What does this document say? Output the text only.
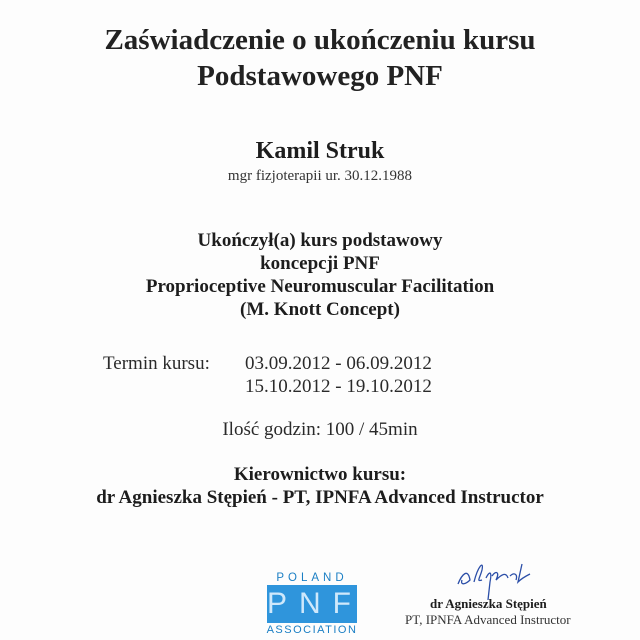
Zaświadczenie o ukończeniu kursu
Podstawowego PNF
Kamil Struk
mgr fizjoterapii ur. 30.12.1988
Ukończył(a) kurs podstawowy
koncepcji PNF
Proprioceptive Neuromuscular Facilitation
(M. Knott Concept)
Termin kursu: 03.09.2012 - 06.09.2012
15.10.2012 - 19.10.2012
Ilość godzin: 100 / 45min
Kierownictwo kursu:
dr Agnieszka Stępień - PT, IPNFA Advanced Instructor
POLAND
PNF
ASSOCIATION
dr Agnieszka Stępień
PT, IPNFA Advanced Instructor
